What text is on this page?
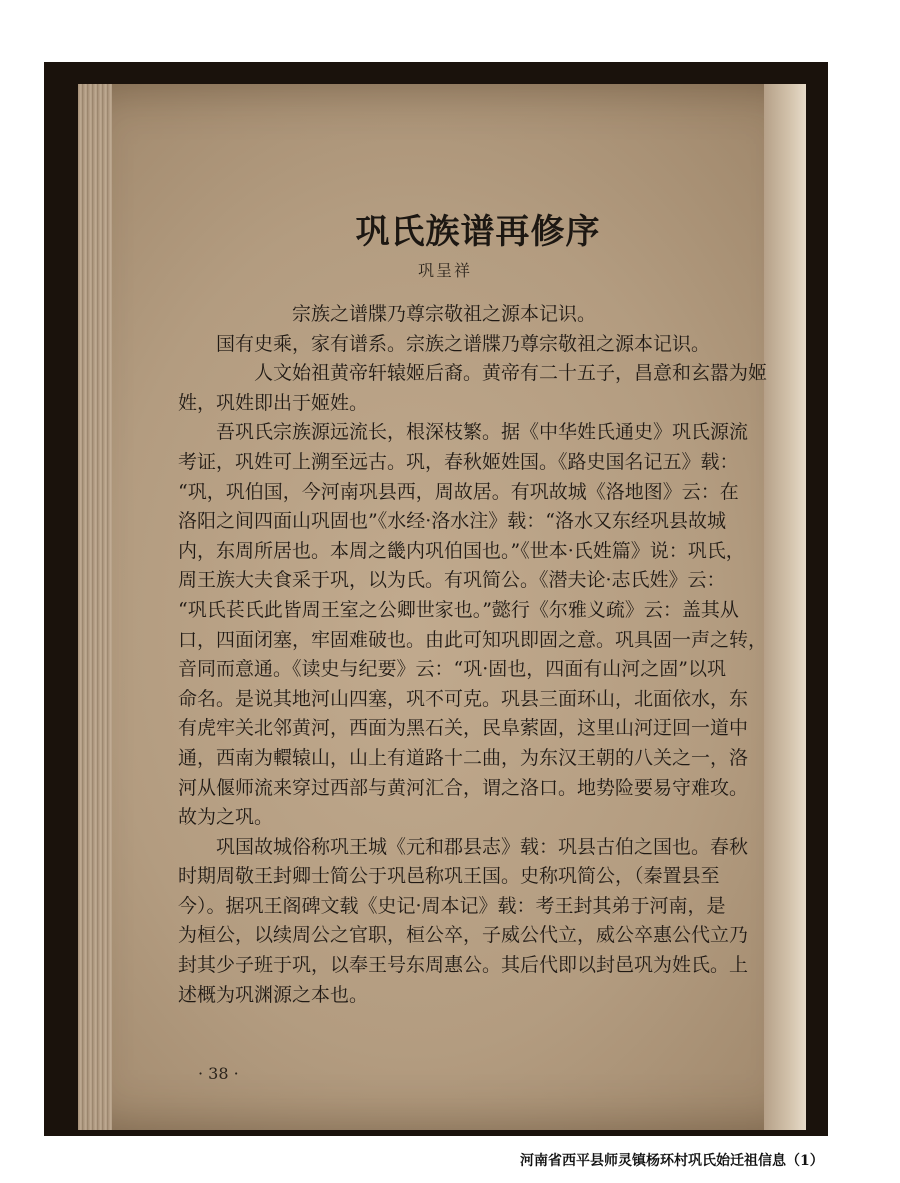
巩氏族谱再修序
巩呈祥
宗族之谱牒乃尊宗敬祖之源本记识。
国有史乘，家有谱系。宗族之谱牒乃尊宗敬祖之源本记识。
人文始祖黄帝轩辕姬后裔。黄帝有二十五子，昌意和玄嚣为姬
姓，巩姓即出于姬姓。
吾巩氏宗族源远流长，根深枝繁。据《中华姓氏通史》巩氏源流
考证，巩姓可上溯至远古。巩，春秋姬姓国。《路史国名记五》载：
“巩，巩伯国，今河南巩县西，周故居。有巩故城《洛地图》云：在
洛阳之间四面山巩固也”《水经·洛水注》载：“洛水又东经巩县故城
内，东周所居也。本周之畿内巩伯国也。”《世本·氏姓篇》说：巩氏，
周王族大夫食采于巩，以为氏。有巩简公。《潜夫论·志氏姓》云：
“巩氏苌氏此皆周王室之公卿世家也。”懿行《尔雅义疏》云：盖其从
口，四面闭塞，牢固难破也。由此可知巩即固之意。巩具固一声之转，
音同而意通。《读史与纪要》云：“巩·固也，四面有山河之固”以巩
命名。是说其地河山四塞，巩不可克。巩县三面环山，北面依水，东
有虎牢关北邻黄河，西面为黑石关，民阜萦固，这里山河迂回一道中
通，西南为轘辕山，山上有道路十二曲，为东汉王朝的八关之一，洛
河从偃师流来穿过西部与黄河汇合，谓之洛口。地势险要易守难攻。
故为之巩。
巩国故城俗称巩王城《元和郡县志》载：巩县古伯之国也。春秋
时期周敬王封卿士简公于巩邑称巩王国。史称巩简公，（秦置县至
今）。据巩王阁碑文载《史记·周本记》载：考王封其弟于河南，是
为桓公，以续周公之官职，桓公卒，子威公代立，威公卒惠公代立乃
封其少子班于巩，以奉王号东周惠公。其后代即以封邑巩为姓氏。上
述概为巩渊源之本也。
· 38 ·
河南省西平县师灵镇杨环村巩氏始迁祖信息（1）
